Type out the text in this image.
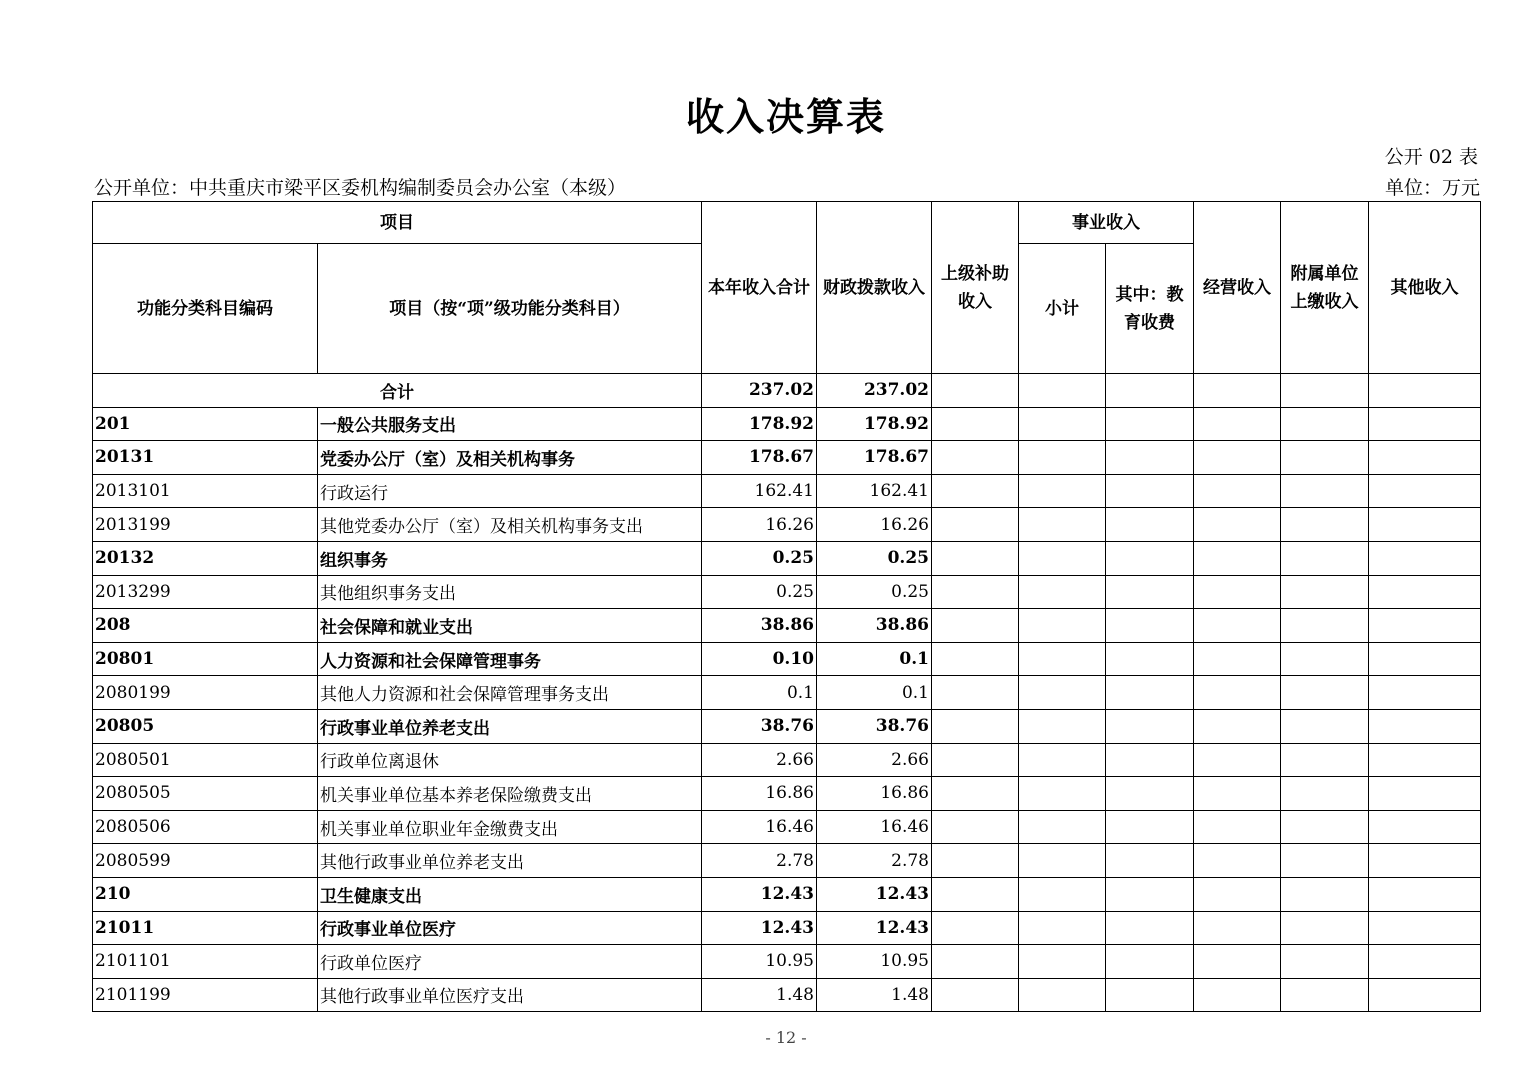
收入决算表
公开 02 表
公开单位：中共重庆市梁平区委机构编制委员会办公室（本级）	单位：万元
项目		本年收入合计	财政拨款收入	上级补助收入	事业收入		经营收入	附属单位上缴收入	其他收入
功能分类科目编码	项目（按“项”级功能分类科目）				小计	其中：教育收费			
合计		237.02	237.02						
201	一般公共服务支出	178.92	178.92						
20131	党委办公厅（室）及相关机构事务	178.67	178.67						
2013101	行政运行	162.41	162.41						
2013199	其他党委办公厅（室）及相关机构事务支出	16.26	16.26						
20132	组织事务	0.25	0.25						
2013299	其他组织事务支出	0.25	0.25						
208	社会保障和就业支出	38.86	38.86						
20801	人力资源和社会保障管理事务	0.10	0.1						
2080199	其他人力资源和社会保障管理事务支出	0.1	0.1						
20805	行政事业单位养老支出	38.76	38.76						
2080501	行政单位离退休	2.66	2.66						
2080505	机关事业单位基本养老保险缴费支出	16.86	16.86						
2080506	机关事业单位职业年金缴费支出	16.46	16.46						
2080599	其他行政事业单位养老支出	2.78	2.78						
210	卫生健康支出	12.43	12.43						
21011	行政事业单位医疗	12.43	12.43						
2101101	行政单位医疗	10.95	10.95						
2101199	其他行政事业单位医疗支出	1.48	1.48						
- 12 -
